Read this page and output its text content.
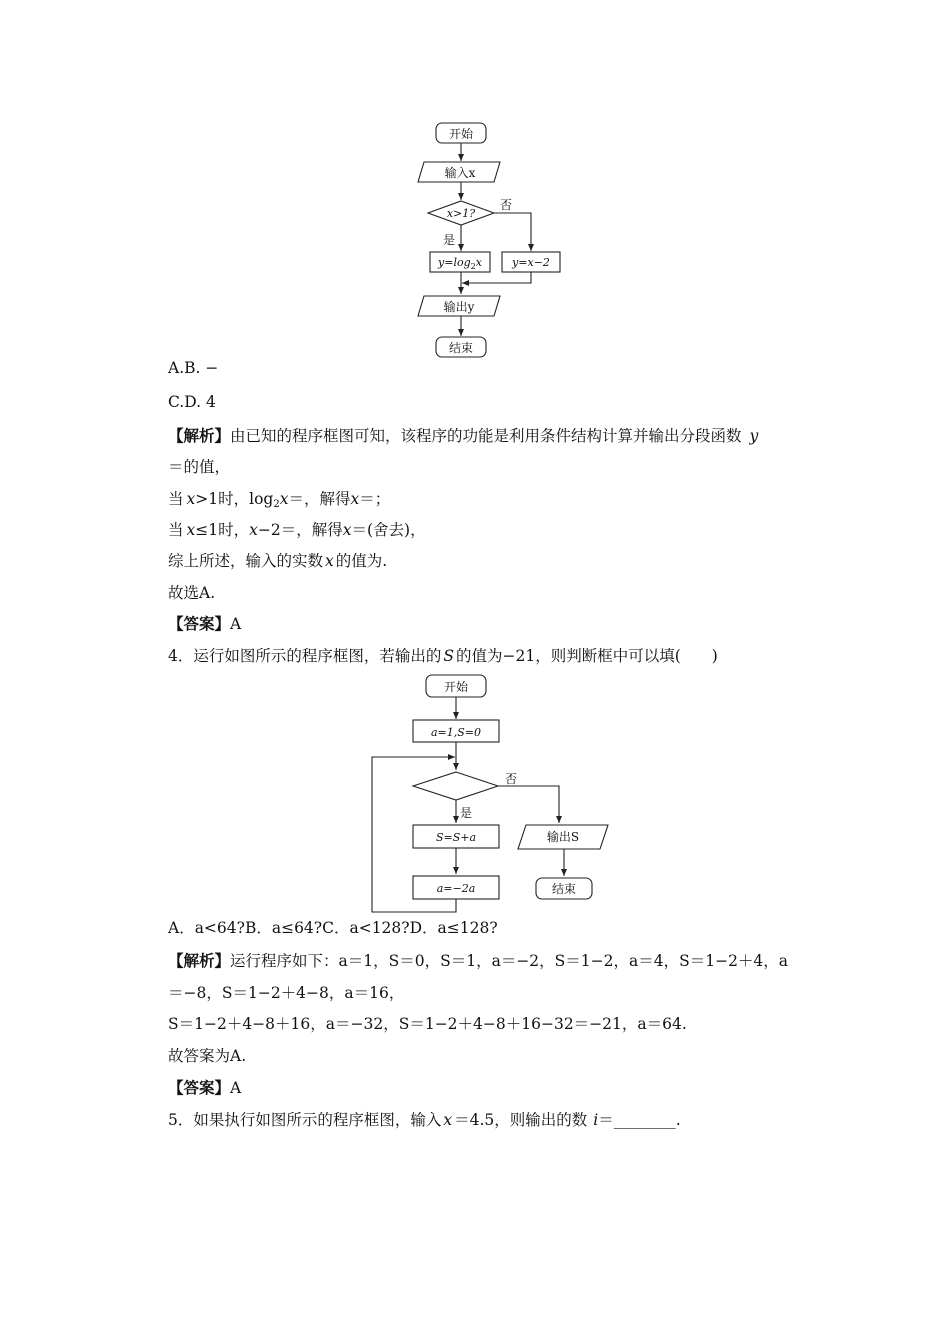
开始
输入x
x>1?
否
是
$y=\log_2x$	y=x−2
输出y
结束
A.B. −
C.D. 4
【解析】由已知的程序框图可知，该程序的功能是利用条件结构计算并输出分段函数 y
＝的值，
当 x>1时，$\log_2x=$，解得x＝；
当 x≤1时，x−2＝，解得x＝(舍去)，
综上所述，输入的实数 x 的值为.
故选A.
【答案】A
4．运行如图所示的程序框图，若输出的 S 的值为−21，则判断框中可以填(　　)
开始
a=1,S=0
否
是
S=S+a
a=−2a
输出S
结束
A．a<64?B．a≤64?C．a<128?D．a≤128?
【解析】运行程序如下：a＝1，S＝0，S＝1，a＝−2，S＝1−2，a＝4，S＝1−2＋4，a
＝−8，S＝1−2＋4−8，a＝16，
S＝1−2＋4−8＋16，a＝−32，S＝1−2＋4−8＋16−32＝−21，a＝64.
故答案为A.
【答案】A
5．如果执行如图所示的程序框图，输入 x ＝4.5，则输出的数 i＝________.
